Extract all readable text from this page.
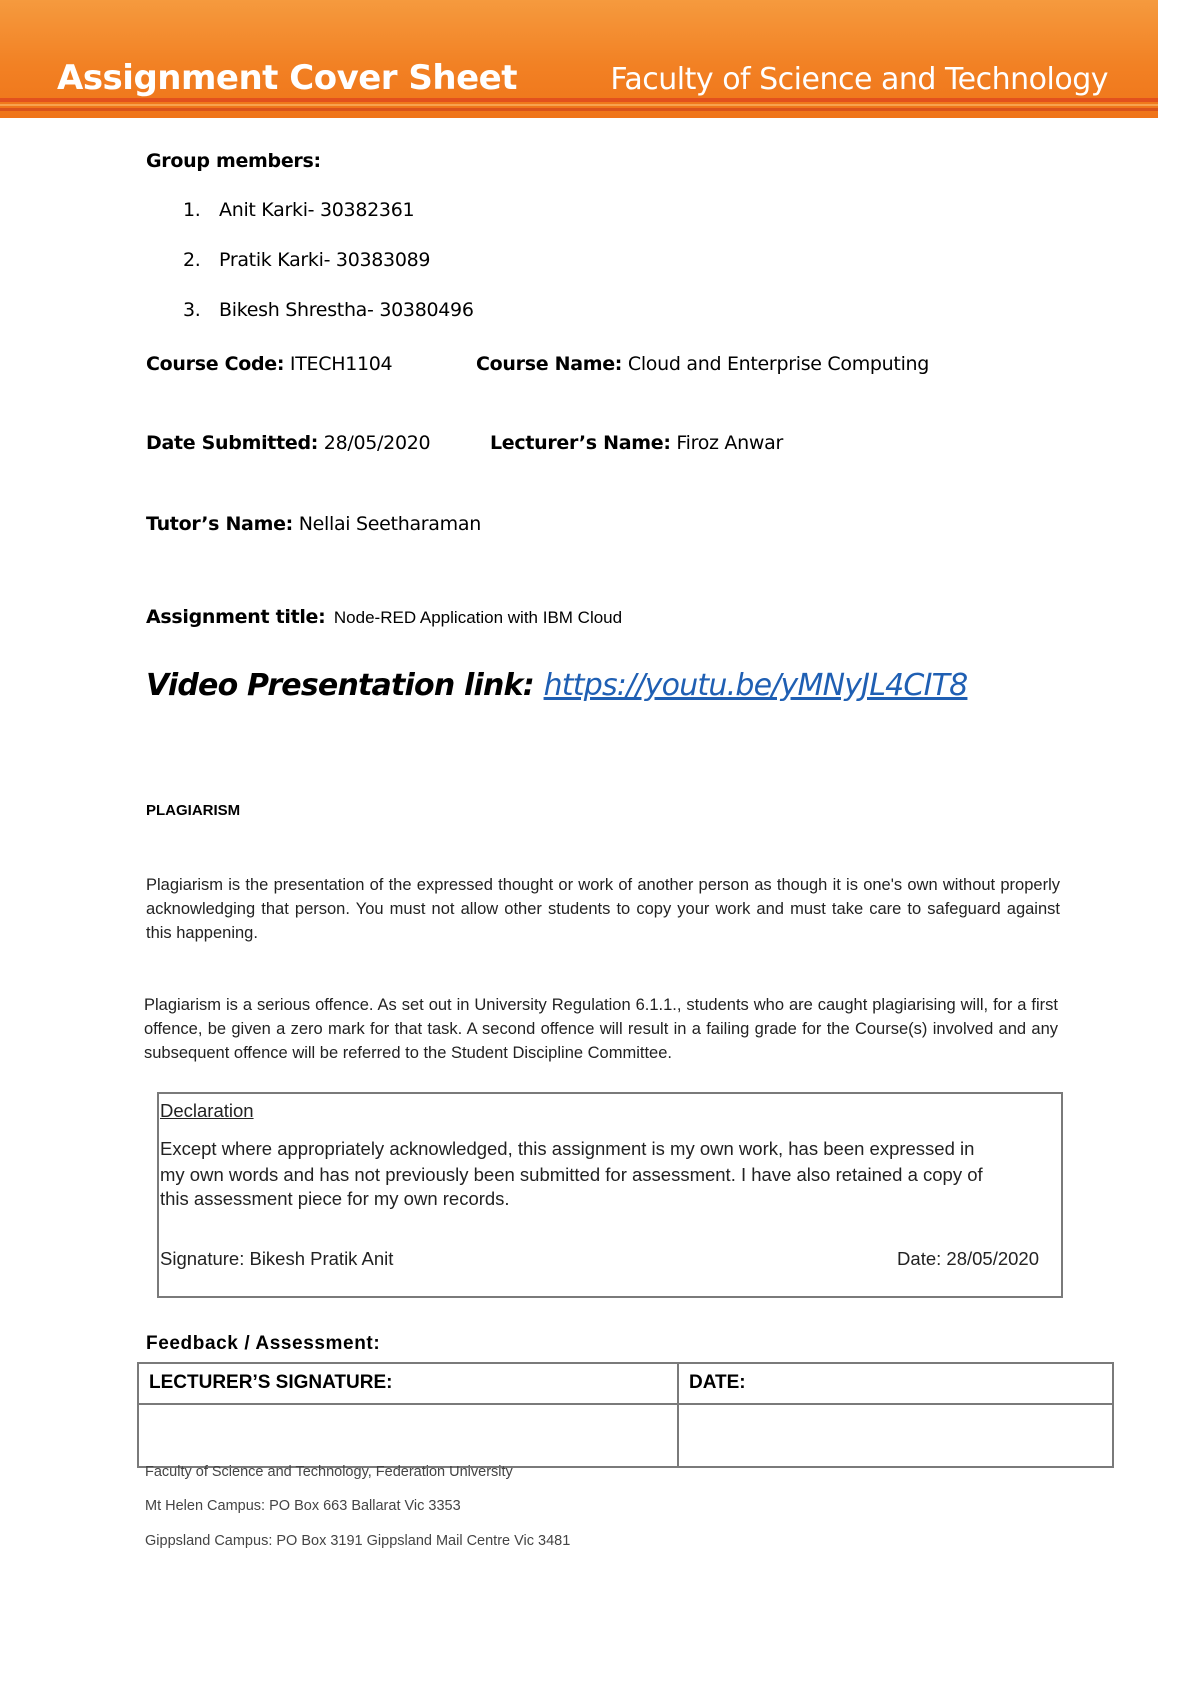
Assignment Cover Sheet	Faculty of Science and Technology
Group members:
1. Anit Karki- 30382361
2. Pratik Karki- 30383089
3. Bikesh Shrestha- 30380496
Course Code: ITECH1104	Course Name: Cloud and Enterprise Computing
Date Submitted: 28/05/2020	Lecturer’s Name: Firoz Anwar
Tutor’s Name: Nellai Seetharaman
Assignment title: Node-RED Application with IBM Cloud
Video Presentation link: https://youtu.be/yMNyJL4CIT8
PLAGIARISM
Plagiarism is the presentation of the expressed thought or work of another person as though it is one's own without properly acknowledging that person. You must not allow other students to copy your work and must take care to safeguard against this happening.
Plagiarism is a serious offence. As set out in University Regulation 6.1.1., students who are caught plagiarising will, for a first offence, be given a zero mark for that task. A second offence will result in a failing grade for the Course(s) involved and any subsequent offence will be referred to the Student Discipline Committee.
Declaration
Except where appropriately acknowledged, this assignment is my own work, has been expressed in
my own words and has not previously been submitted for assessment. I have also retained a copy of
this assessment piece for my own records.
Signature: Bikesh Pratik Anit	Date: 28/05/2020
Feedback / Assessment:
LECTURER’S SIGNATURE:	DATE:

Faculty of Science and Technology, Federation University
Mt Helen Campus: PO Box 663 Ballarat Vic 3353
Gippsland Campus: PO Box 3191 Gippsland Mail Centre Vic 3481
